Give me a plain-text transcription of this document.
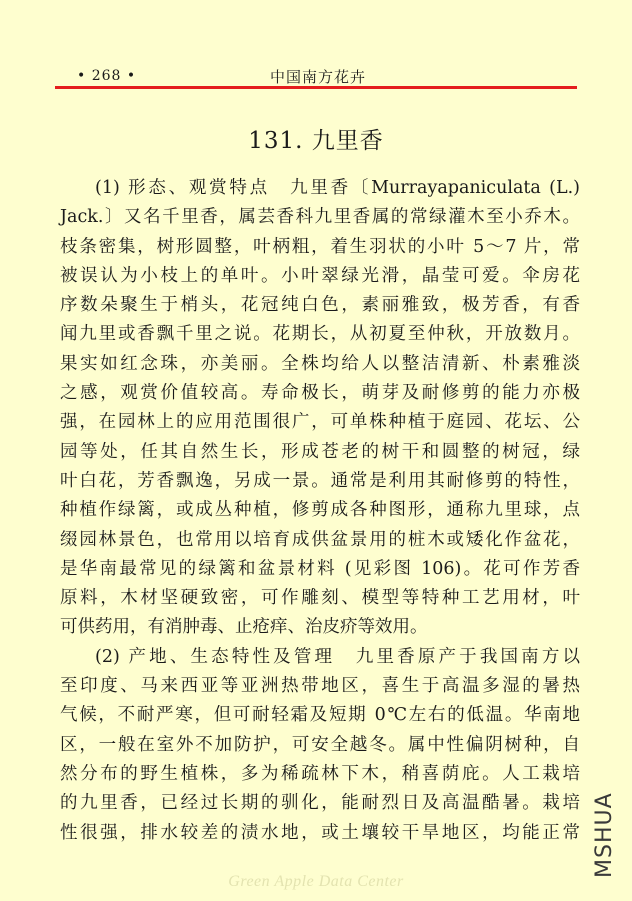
• 268 •	中国南方花卉
131. 九里香
(1) 形态、观赏特点　九里香〔Murrayapaniculata (L.)
Jack.〕又名千里香，属芸香科九里香属的常绿灌木至小乔木。
枝条密集，树形圆整，叶柄粗，着生羽状的小叶 5～7 片，常
被误认为小枝上的单叶。小叶翠绿光滑，晶莹可爱。伞房花
序数朵聚生于梢头，花冠纯白色，素丽雅致，极芳香，有香
闻九里或香飘千里之说。花期长，从初夏至仲秋，开放数月。
果实如红念珠，亦美丽。全株均给人以整洁清新、朴素雅淡
之感，观赏价值较高。寿命极长，萌芽及耐修剪的能力亦极
强，在园林上的应用范围很广，可单株种植于庭园、花坛、公
园等处，任其自然生长，形成苍老的树干和圆整的树冠，绿
叶白花，芳香飘逸，另成一景。通常是利用其耐修剪的特性，
种植作绿篱，或成丛种植，修剪成各种图形，通称九里球，点
缀园林景色，也常用以培育成供盆景用的桩木或矮化作盆花，
是华南最常见的绿篱和盆景材料 (见彩图 106)。花可作芳香
原料，木材坚硬致密，可作雕刻、模型等特种工艺用材，叶
可供药用，有消肿毒、止疮痒、治皮疥等效用。
(2) 产地、生态特性及管理　九里香原产于我国南方以
至印度、马来西亚等亚洲热带地区，喜生于高温多湿的暑热
气候，不耐严寒，但可耐轻霜及短期 0℃左右的低温。华南地
区，一般在室外不加防护，可安全越冬。属中性偏阴树种，自
然分布的野生植株，多为稀疏林下木，稍喜荫庇。人工栽培
的九里香，已经过长期的驯化，能耐烈日及高温酷暑。栽培
性很强，排水较差的渍水地，或土壤较干旱地区，均能正常 MSHUA
Green Apple Data Center
